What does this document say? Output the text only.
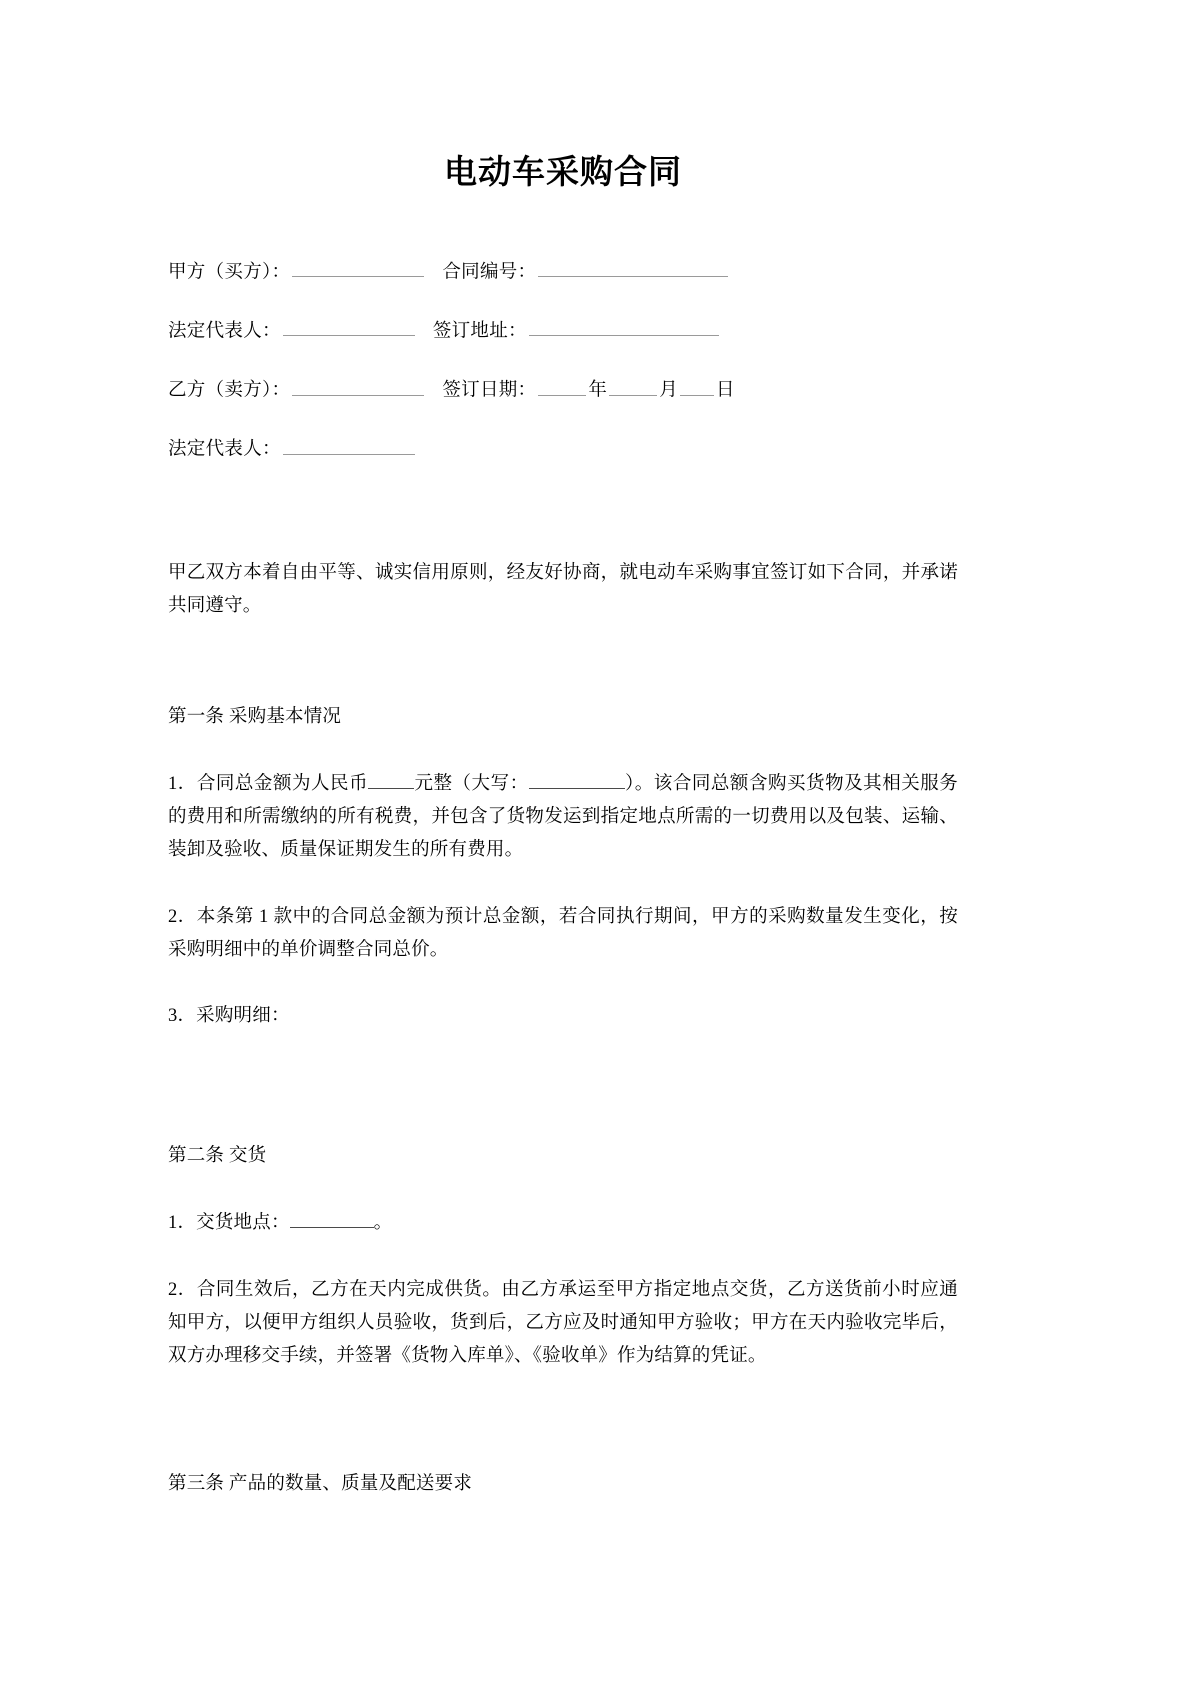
电动车采购合同
甲方（买方）：	合同编号：
法定代表人：	签订地址：
乙方（卖方）：	签订日期：	年	月 日
法定代表人：

甲乙双方本着自由平等、诚实信用原则，经友好协商，就电动车采购事宜签订如下合同，并承诺共同遵守。

第一条 采购基本情况

1．合同总金额为人民币 元整（大写：	）。该合同总额含购买货物及其相关服务的费用和所需缴纳的所有税费，并包含了货物发运到指定地点所需的一切费用以及包装、运输、装卸及验收、质量保证期发生的所有费用。

2．本条第 1 款中的合同总金额为预计总金额，若合同执行期间，甲方的采购数量发生变化，按采购明细中的单价调整合同总价。

3．采购明细：

第二条 交货

1．交货地点：	。

2．合同生效后，乙方在天内完成供货。由乙方承运至甲方指定地点交货，乙方送货前小时应通知甲方，以便甲方组织人员验收，货到后，乙方应及时通知甲方验收；甲方在天内验收完毕后，双方办理移交手续，并签署《货物入库单》、《验收单》作为结算的凭证。

第三条 产品的数量、质量及配送要求
